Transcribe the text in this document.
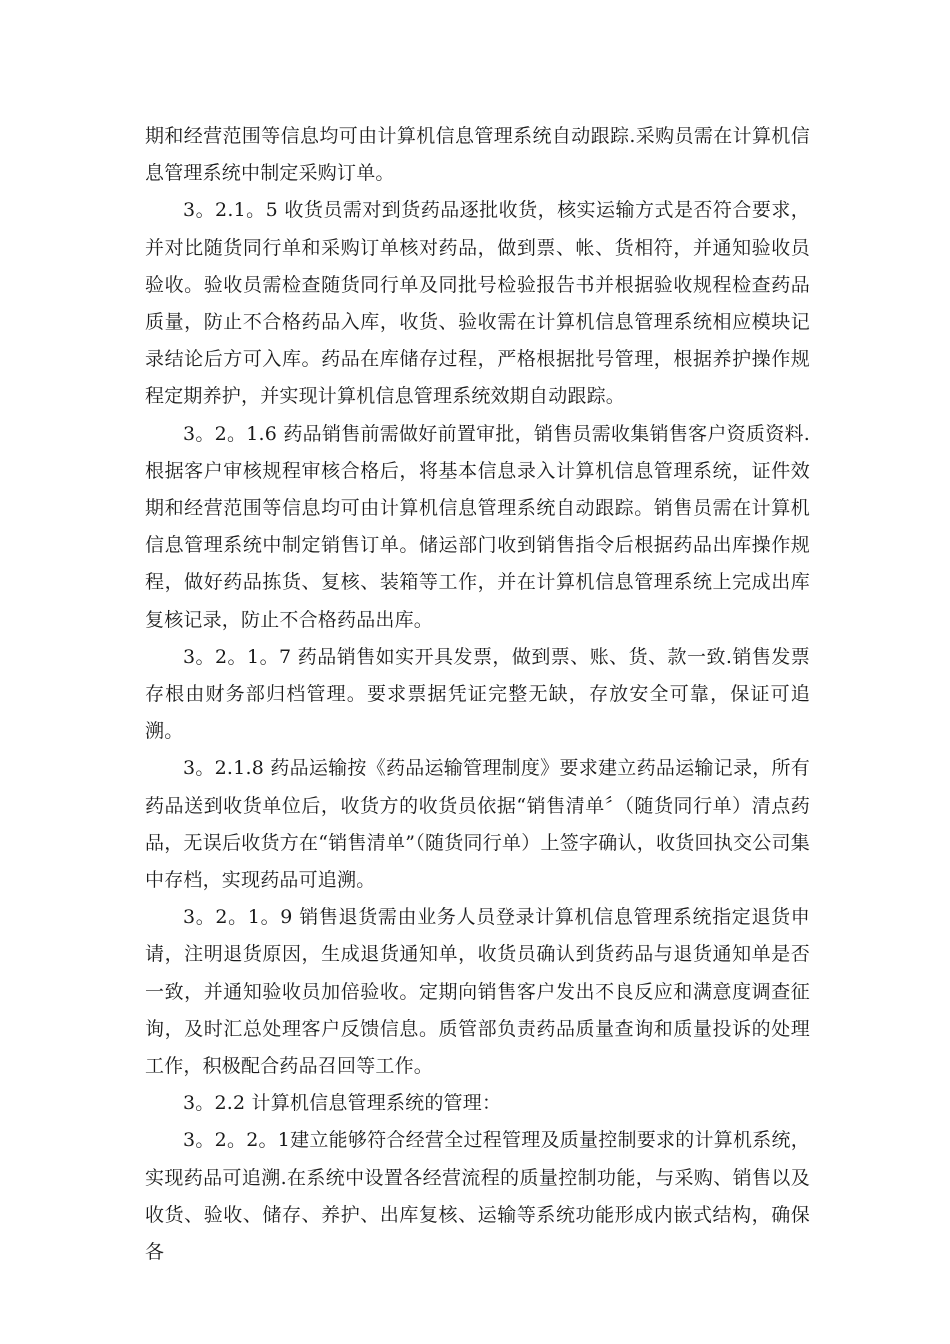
期和经营范围等信息均可由计算机信息管理系统自动跟踪.采购员需在计算机信息管理系统中制定采购订单。

3。2.1。5 收货员需对到货药品逐批收货，核实运输方式是否符合要求，并对比随货同行单和采购订单核对药品，做到票、帐、货相符，并通知验收员验收。验收员需检查随货同行单及同批号检验报告书并根据验收规程检查药品质量，防止不合格药品入库，收货、验收需在计算机信息管理系统相应模块记录结论后方可入库。药品在库储存过程，严格根据批号管理，根据养护操作规程定期养护，并实现计算机信息管理系统效期自动跟踪。

3。2。1.6 药品销售前需做好前置审批，销售员需收集销售客户资质资料.根据客户审核规程审核合格后，将基本信息录入计算机信息管理系统，证件效期和经营范围等信息均可由计算机信息管理系统自动跟踪。销售员需在计算机信息管理系统中制定销售订单。储运部门收到销售指令后根据药品出库操作规程，做好药品拣货、复核、装箱等工作，并在计算机信息管理系统上完成出库复核记录，防止不合格药品出库。

3。2。1。7 药品销售如实开具发票，做到票、账、货、款一致.销售发票存根由财务部归档管理。要求票据凭证完整无缺，存放安全可靠，保证可追溯。

3。2.1.8 药品运输按《药品运输管理制度》要求建立药品运输记录，所有药品送到收货单位后，收货方的收货员依据“销售清单〞（随货同行单）清点药品，无误后收货方在“销售清单”（随货同行单）上签字确认，收货回执交公司集中存档，实现药品可追溯。

3。2。1。9 销售退货需由业务人员登录计算机信息管理系统指定退货申请，注明退货原因，生成退货通知单，收货员确认到货药品与退货通知单是否一致，并通知验收员加倍验收。定期向销售客户发出不良反应和满意度调查征询，及时汇总处理客户反馈信息。质管部负责药品质量查询和质量投诉的处理工作，积极配合药品召回等工作。

3。2.2 计算机信息管理系统的管理：

3。2。2。1建立能够符合经营全过程管理及质量控制要求的计算机系统，实现药品可追溯.在系统中设置各经营流程的质量控制功能，与采购、销售以及收货、验收、储存、养护、出库复核、运输等系统功能形成内嵌式结构，确保各
